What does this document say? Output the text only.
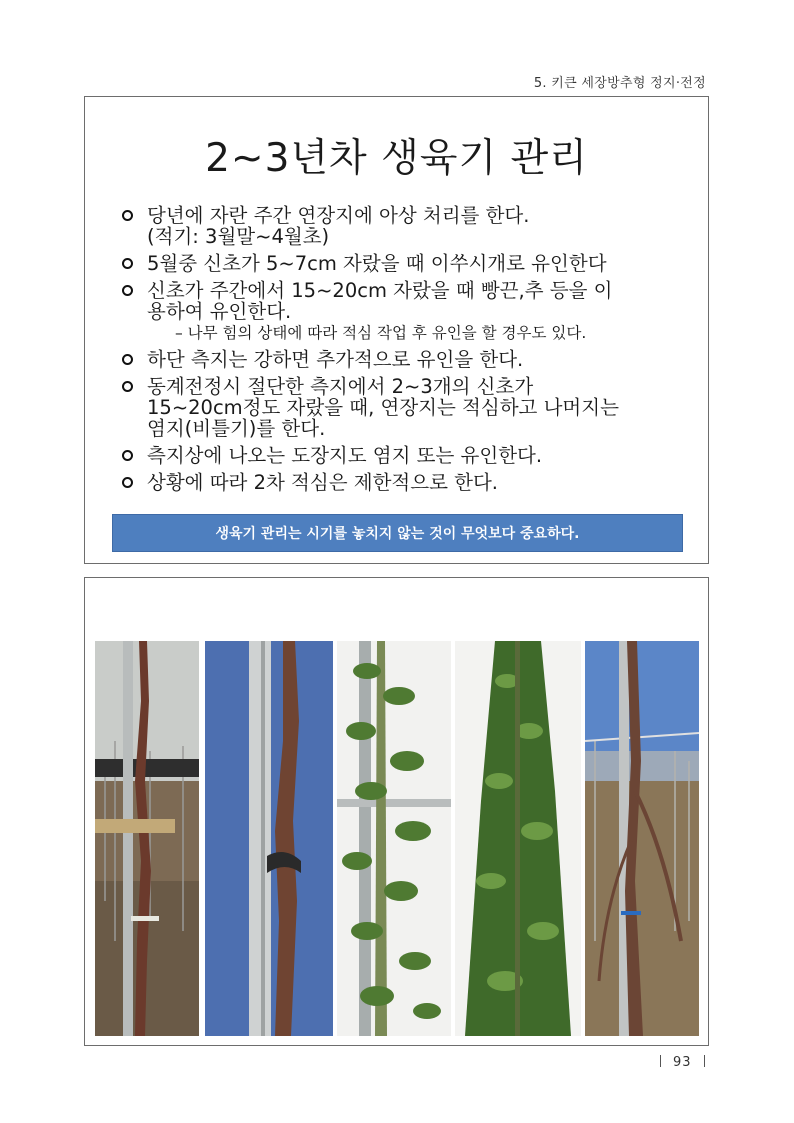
5. 키큰 세장방추형 정지·전정
2~3년차 생육기 관리
당년에 자란 주간 연장지에 아상 처리를 한다.
(적기: 3월말~4월초)
5월중 신초가 5~7cm 자랐을 때 이쑤시개로 유인한다
신초가 주간에서 15~20cm 자랐을 때 빵끈,추 등을 이
용하여 유인한다.
– 나무 힘의 상태에 따라 적심 작업 후 유인을 할 경우도 있다.
하단 측지는 강하면 추가적으로 유인을 한다.
동계전정시 절단한 측지에서 2~3개의 신초가
15~20cm정도 자랐을 때, 연장지는 적심하고 나머지는
염지(비틀기)를 한다.
측지상에 나오는 도장지도 염지 또는 유인한다.
상황에 따라 2차 적심은 제한적으로 한다.
생육기 관리는 시기를 놓치지 않는 것이 무엇보다 중요하다.
93
